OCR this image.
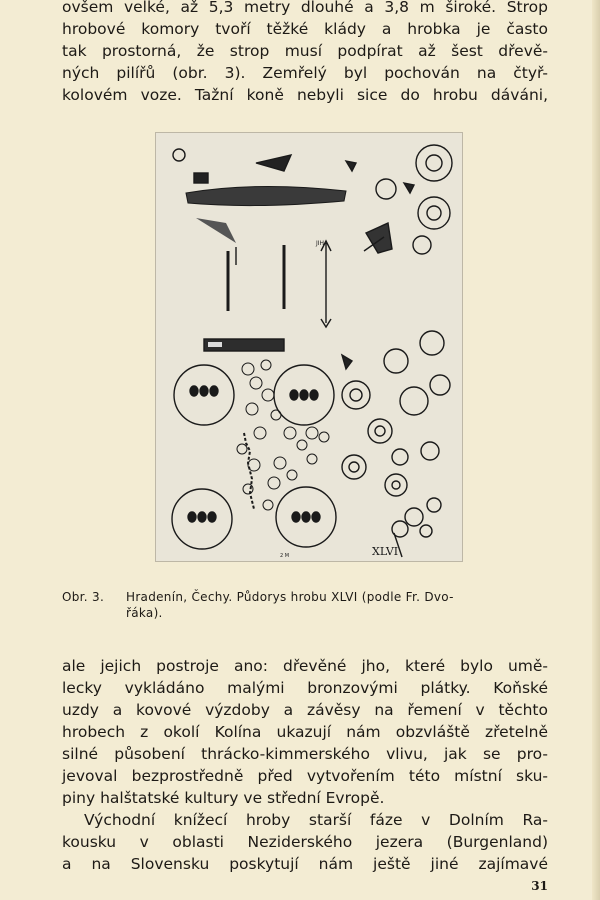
ovšem velké, až 5,3 metry dlouhé a 3,8 m široké. Strop
hrobové komory tvoří těžké klády a hrobka je často
tak prostorná, že strop musí podpírat až šest dřevě-
ných pilířů (obr. 3). Zemřelý byl pochován na čtyř-
kolovém voze. Tažní koně nebyli sice do hrobu dáváni,
JIH
XLVI
2 M
Obr. 3. Hradenín, Čechy. Půdorys hrobu XLVI (podle Fr. Dvo-
řáka).
ale jejich postroje ano: dřevěné jho, které bylo umě-
lecky vykládáno malými bronzovými plátky. Koňské
uzdy a kovové výzdoby a závěsy na řemení v těchto
hrobech z okolí Kolína ukazují nám obzvláště zřetelně
silné působení thrácko-kimmerského vlivu, jak se pro-
jevoval bezprostředně před vytvořením této místní sku-
piny halštatské kultury ve střední Evropě.
Východní knížecí hroby starší fáze v Dolním Ra-
kousku v oblasti Neziderského jezera (Burgenland)
a na Slovensku poskytují nám ještě jiné zajímavé
31
